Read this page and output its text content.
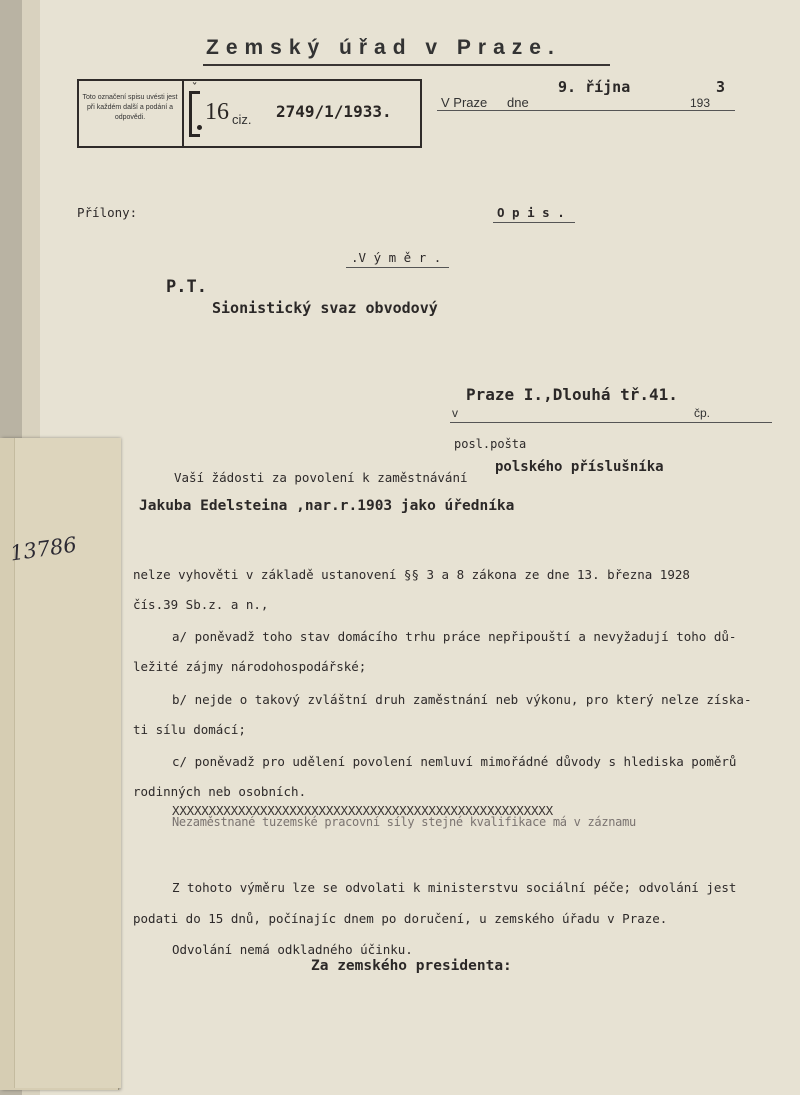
Zemský úřad v Praze.
Toto označení spisu uvésti jest při každém další a podání a odpovědi.
ˇ
16 ciz. 2749/1/1933.
9. října	3
V Praze dne	193
Přílony:	O p i s .
.V ý m ě r .
P.T.
Sionistický svaz obvodový
Praze I.,Dlouhá tř.41.
v	čp.
posl.pošta
13786
Vaší žádosti za povolení k zaměstnávání
polského příslušníka
Jakuba Edelsteina ,nar.r.1903 jako úředníka
nelze vyhověti v základě ustanovení §§ 3 a 8 zákona ze dne 13. března 1928
čís.39 Sb.z. a n.,
a/ poněvadž toho stav domácího trhu práce nepřipouští a nevyžadují toho dů-
ležité zájmy národohospodářské;
b/ nejde o takový zvláštní druh zaměstnání neb výkonu, pro který nelze získa-
ti sílu domácí;
c/ poněvadž pro udělení povolení nemluví mimořádné důvody s hlediska poměrů
rodinných neb osobních.
Nezaměstnané tuzemské pracovní síly stejné kvalifikace má v záznamu
XXXXXXXXXXXXXXXXXXXXXXXXXXXXXXXXXXXXXXXXXXXXXXXXXXXX
Z tohoto výměru lze se odvolati k ministerstvu sociální péče; odvolání jest
podati do 15 dnů, počínajíc dnem po doručení, u zemského úřadu v Praze.
Odvolání nemá odkladného účinku.
Za zemského presidenta:
